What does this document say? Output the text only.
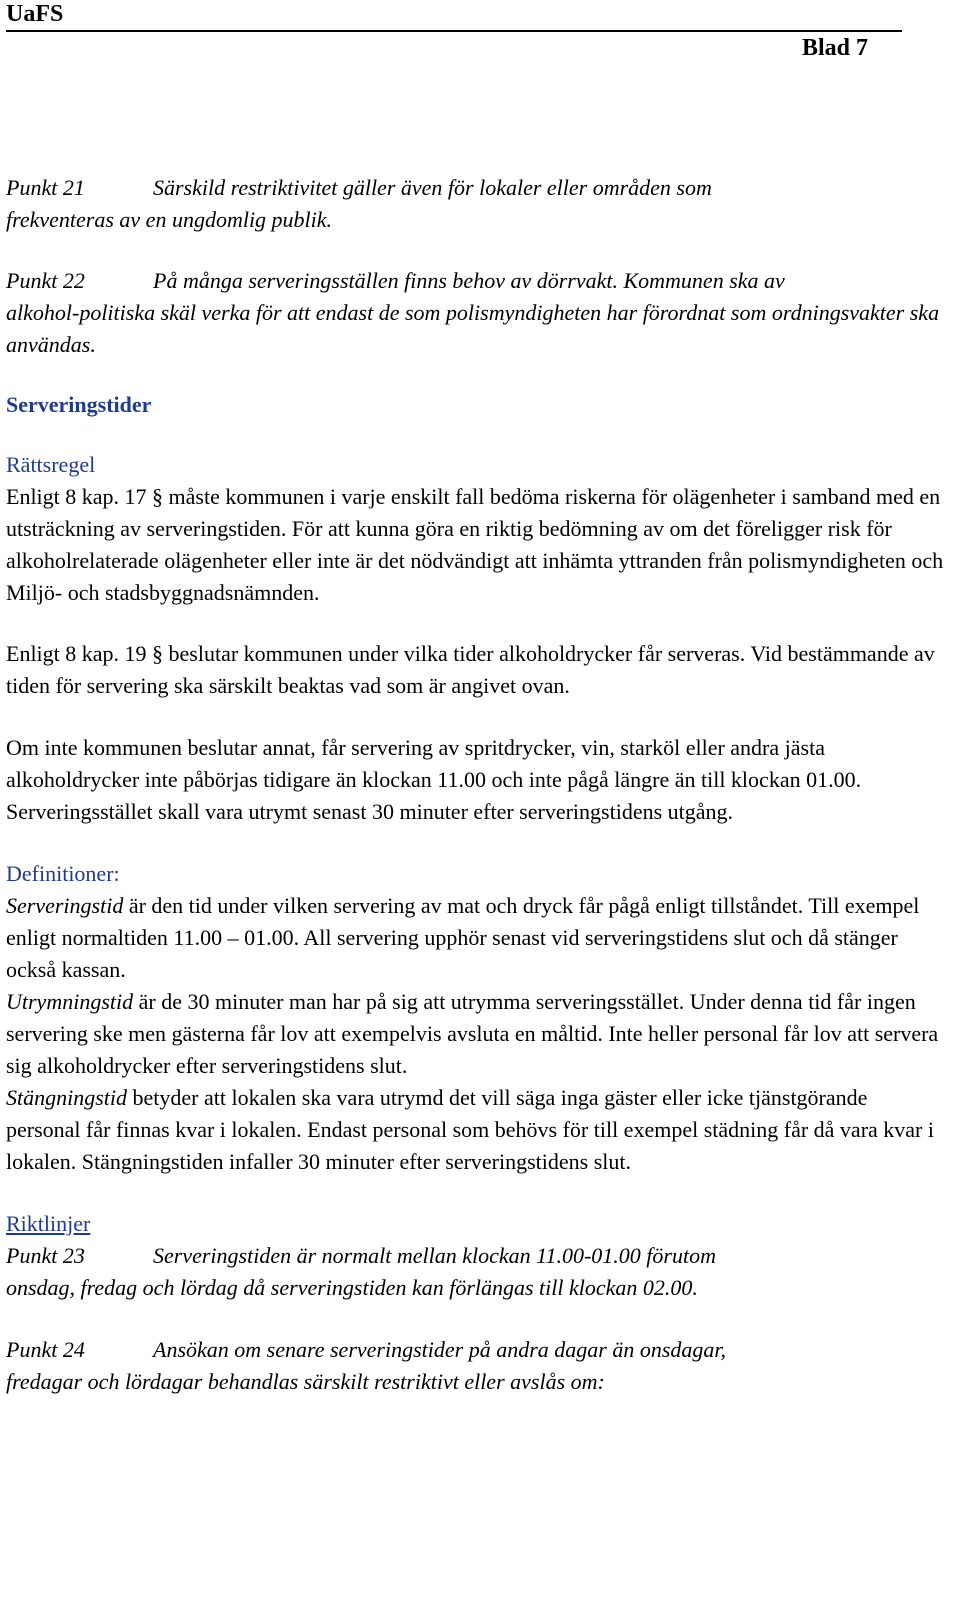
UaFS
Blad 7

Punkt 21	Särskild restriktivitet gäller även för lokaler eller områden som
frekventeras av en ungdomlig publik.

Punkt 22	På många serveringsställen finns behov av dörrvakt. Kommunen ska av
alkohol-politiska skäl verka för att endast de som polismyndigheten har förordnat som ordningsvakter ska användas.

Serveringstider

Rättsregel

Enligt 8 kap. 17 § måste kommunen i varje enskilt fall bedöma riskerna för olägenheter i samband med en utsträckning av serveringstiden. För att kunna göra en riktig bedömning av om det föreligger risk för alkoholrelaterade olägenheter eller inte är det nödvändigt att inhämta yttranden från polismyndigheten och Miljö- och stadsbyggnadsnämnden.

Enligt 8 kap. 19 § beslutar kommunen under vilka tider alkoholdrycker får serveras. Vid bestämmande av tiden för servering ska särskilt beaktas vad som är angivet ovan.

Om inte kommunen beslutar annat, får servering av spritdrycker, vin, starköl eller andra jästa alkoholdrycker inte påbörjas tidigare än klockan 11.00 och inte pågå längre än till klockan 01.00. Serveringsstället skall vara utrymt senast 30 minuter efter serveringstidens utgång.

Definitioner:

Serveringstid är den tid under vilken servering av mat och dryck får pågå enligt tillståndet. Till exempel enligt normaltiden 11.00 – 01.00. All servering upphör senast vid serveringstidens slut och då stänger också kassan.

Utrymningstid är de 30 minuter man har på sig att utrymma serveringsstället. Under denna tid får ingen servering ske men gästerna får lov att exempelvis avsluta en måltid. Inte heller personal får lov att servera sig alkoholdrycker efter serveringstidens slut.

Stängningstid betyder att lokalen ska vara utrymd det vill säga inga gäster eller icke tjänstgörande personal får finnas kvar i lokalen. Endast personal som behövs för till exempel städning får då vara kvar i lokalen. Stängningstiden infaller 30 minuter efter serveringstidens slut.

Riktlinjer

Punkt 23	Serveringstiden är normalt mellan klockan 11.00-01.00 förutom
onsdag, fredag och lördag då serveringstiden kan förlängas till klockan 02.00.

Punkt 24	Ansökan om senare serveringstider på andra dagar än onsdagar,
fredagar och lördagar behandlas särskilt restriktivt eller avslås om:
